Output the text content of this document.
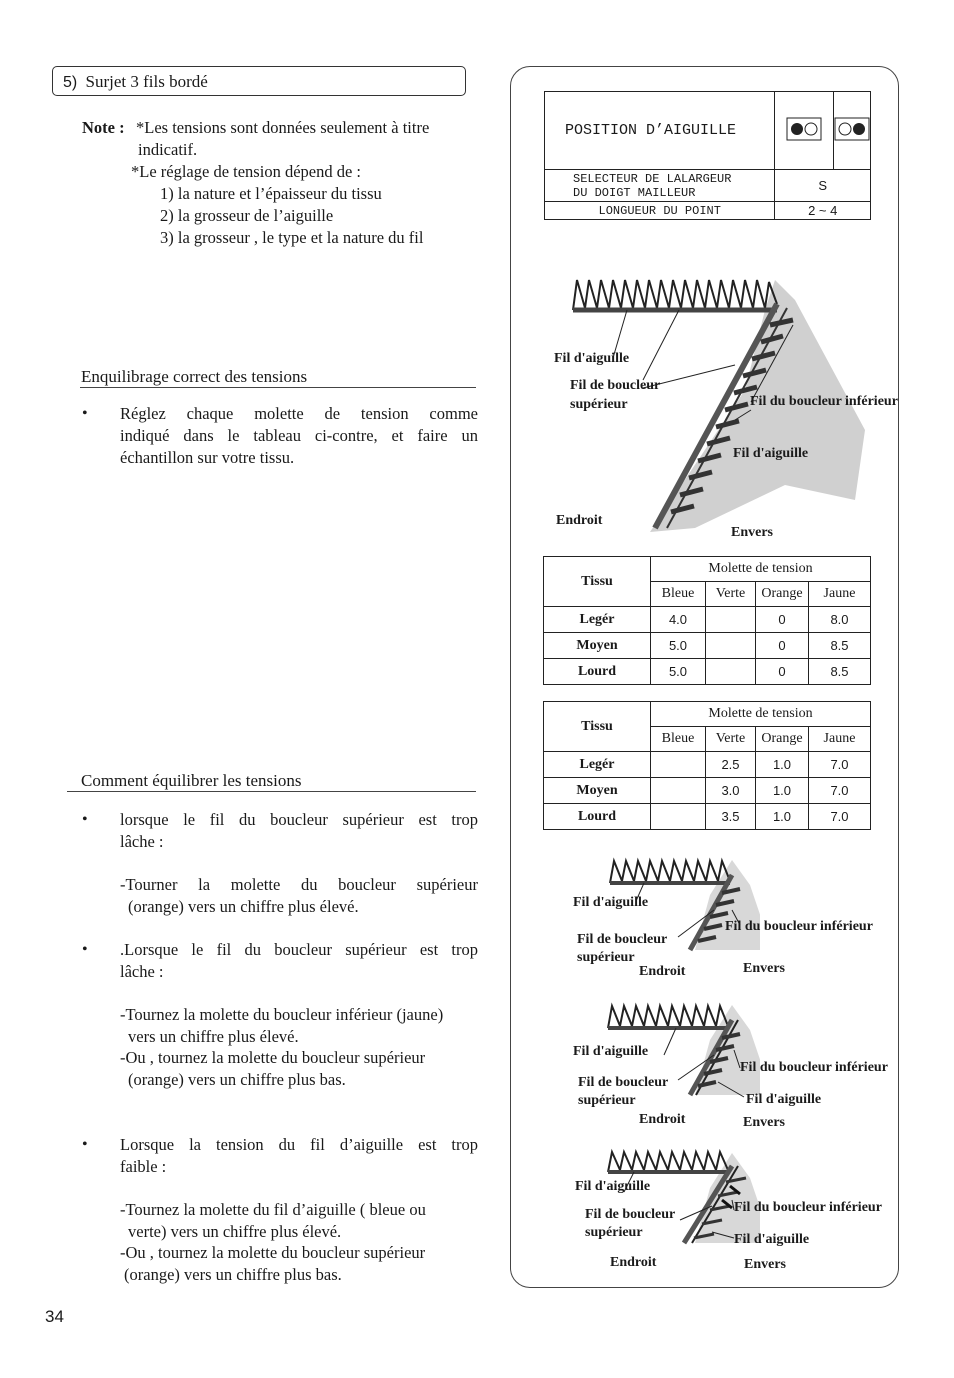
5) Surjet 3 fils bordé
Note : *Les tensions sont données seulement à titre
indicatif.
*Le réglage de tension dépend de :
1) la nature et l’épaisseur du tissu
2) la grosseur de l’aiguille
3) la grosseur , le type et la nature du fil
Enquilibrage correct des tensions
• Réglez chaque molette de tension comme
indiqué dans le tableau ci-contre, et faire un
échantillon sur votre tissu.
Comment équilibrer les tensions
• lorsque le fil du boucleur supérieur est trop
lâche :
-Tourner la molette du boucleur supérieur
(orange) vers un chiffre plus élevé.
• .Lorsque le fil du boucleur supérieur est trop
lâche :
-Tournez la molette du boucleur inférieur (jaune)
vers un chiffre plus élevé.
-Ou , tournez la molette du boucleur supérieur
(orange) vers un chiffre plus bas.
• Lorsque la tension du fil d’aiguille est trop
faible :
-Tournez la molette du fil d’aiguille ( bleue ou
verte) vers un chiffre plus élevé.
-Ou , tournez la molette du boucleur supérieur
(orange) vers un chiffre plus bas.
34
POSITION D’AIGUILLE		

SELECTEUR DE LALARGEUR
DU DOIGT MAILLEUR	S	
LONGUEUR DU POINT	2 ~ 4	
Fil d'aiguille
Fil de boucleur
supérieur	Fil du boucleur inférieur
Fil d'aiguille
Endroit
Envers
Tissu	Molette de tension			
	Bleue	Verte	Orange	Jaune
Legér	4.0		0	8.0
Moyen	5.0		0	8.5
Lourd	5.0		0	8.5
Tissu	Molette de tension			
	Bleue	Verte	Orange	Jaune
Legér		2.5	1.0	7.0
Moyen		3.0	1.0	7.0
Lourd		3.5	1.0	7.0
Fil d'aiguille
Fil de boucleur
supérieur
Fil du boucleur inférieur
Endroit	Envers
Fil d'aiguille
Fil de boucleur
supérieur
Fil du boucleur inférieur
Fil d'aiguille
Endroit	Envers
Fil d'aiguille
Fil de boucleur
supérieur
Fil du boucleur inférieur
Fil d'aiguille
Endroit	Envers
